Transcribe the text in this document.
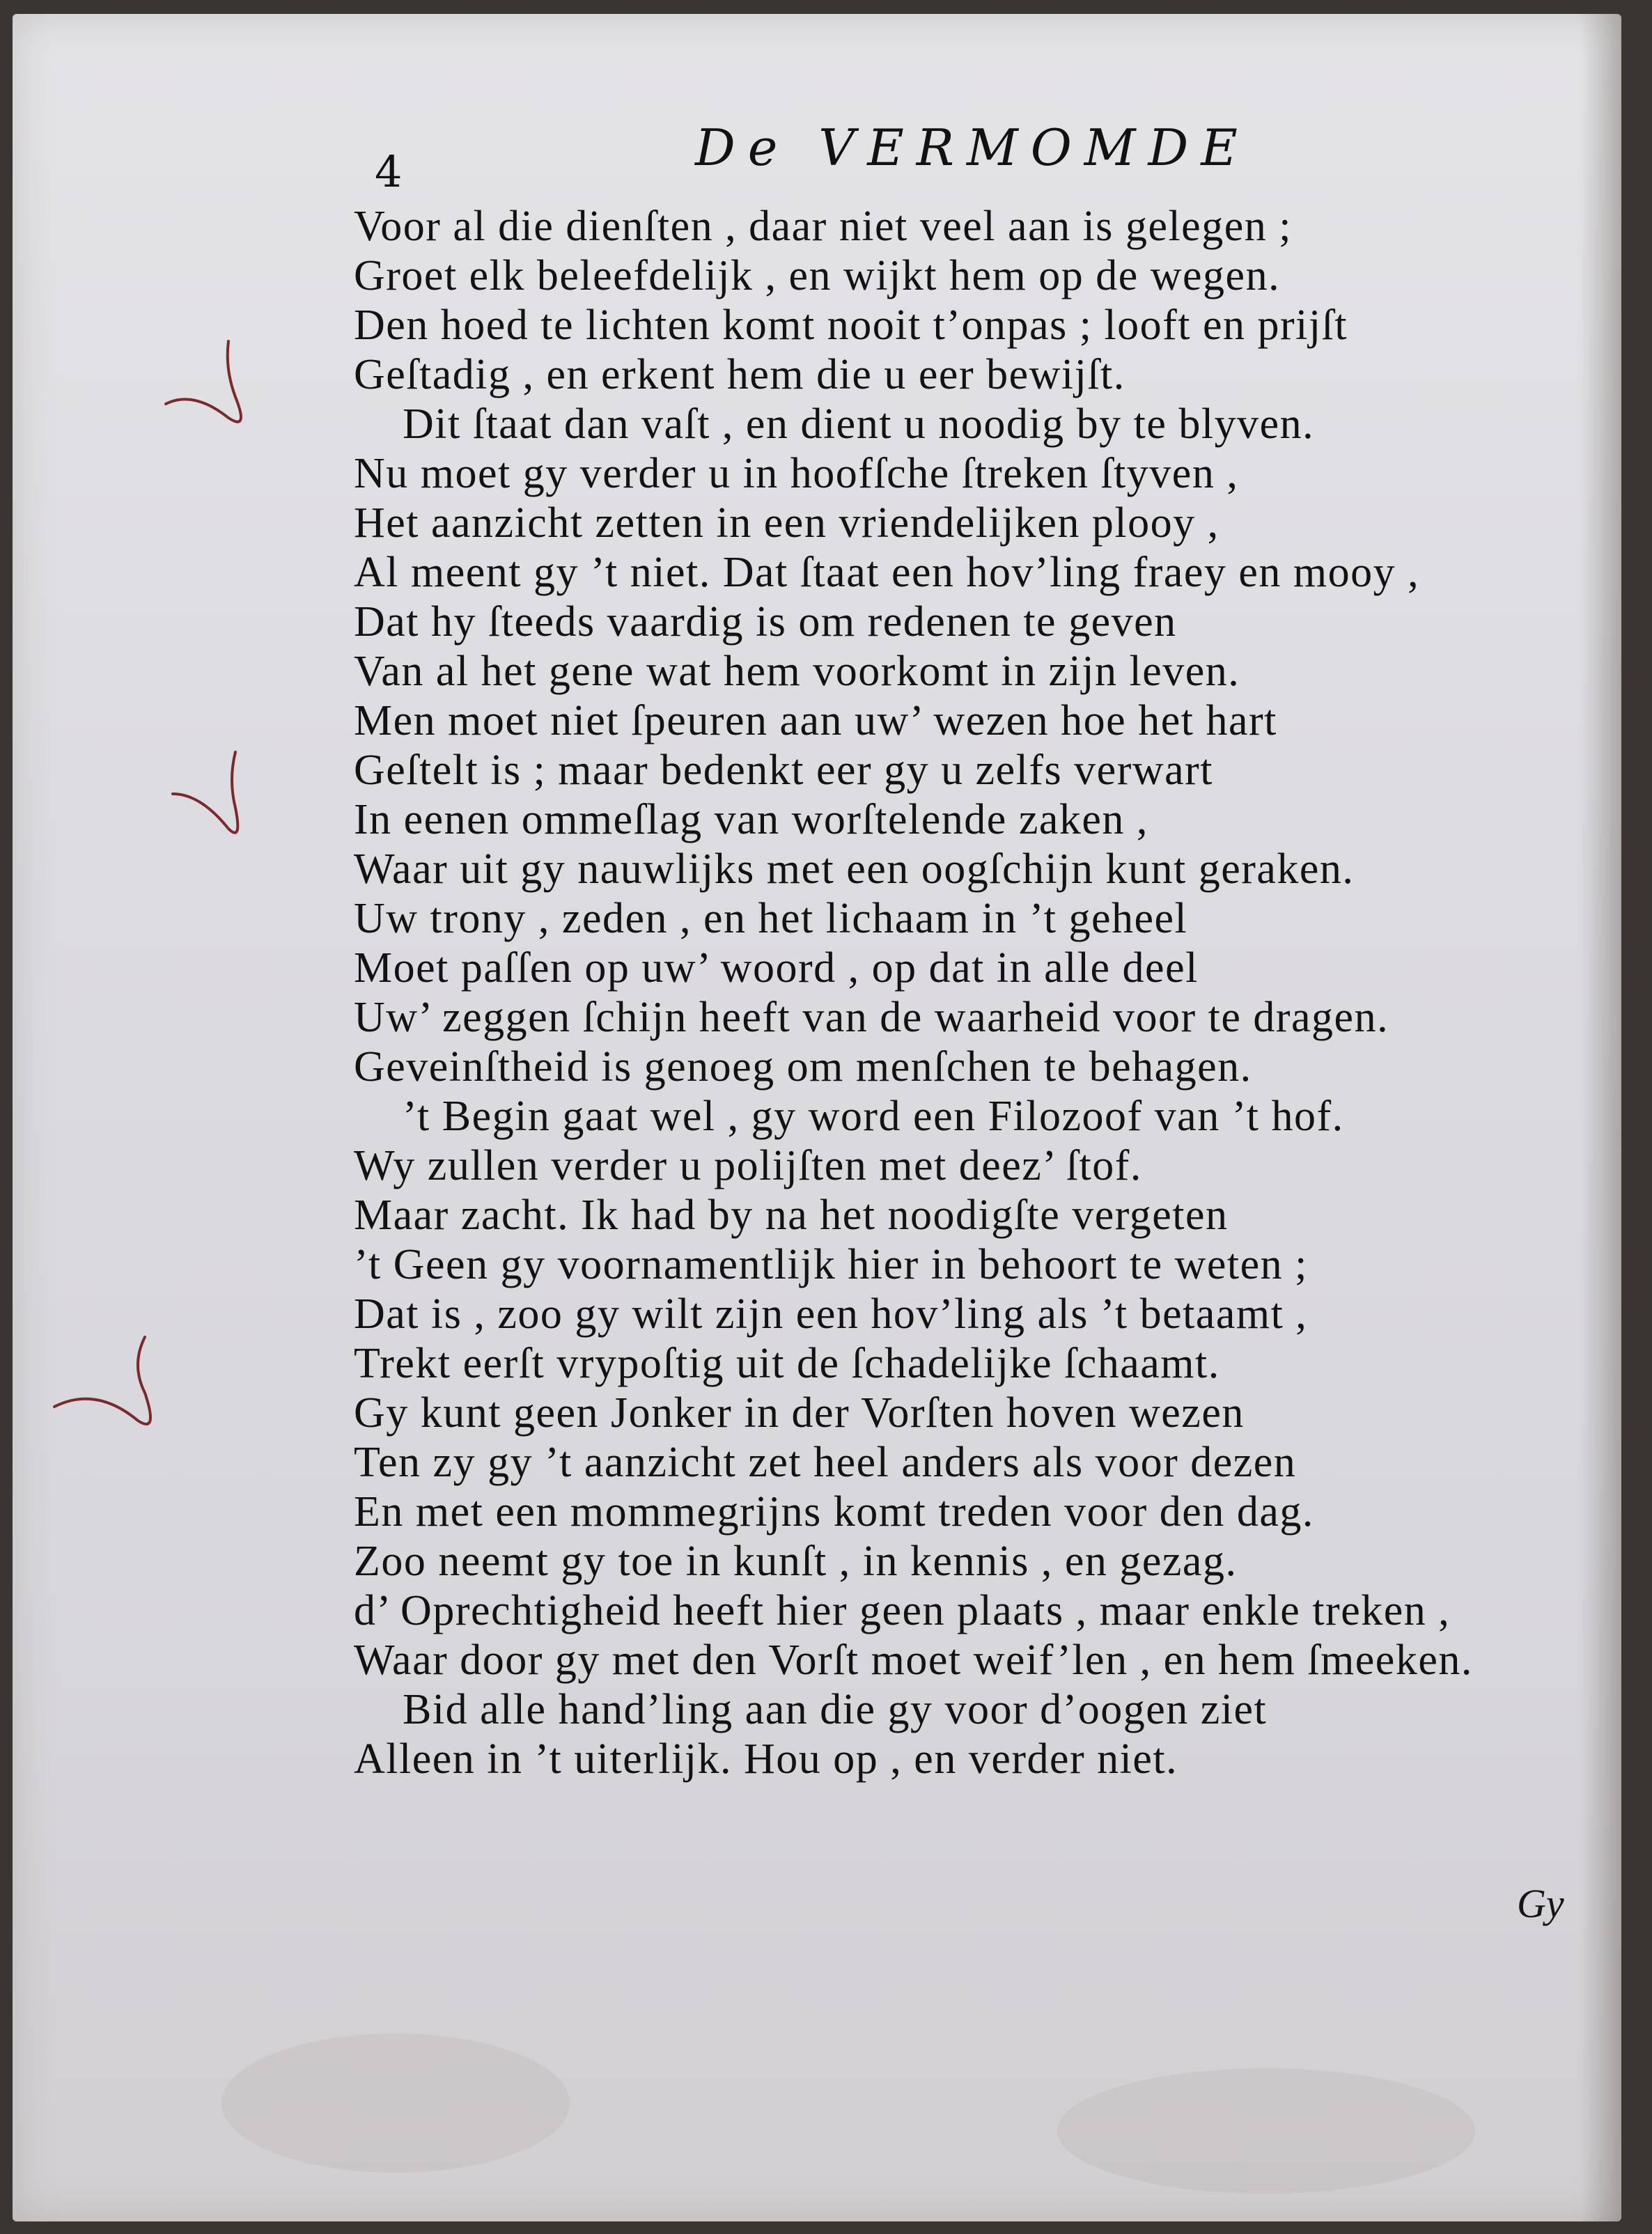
4	De VERMOMDE
Voor al die dienſten , daar niet veel aan is gelegen ;
Groet elk beleefdelijk , en wijkt hem op de wegen.
Den hoed te lichten komt nooit t’onpas ; looft en prijſt
Geſtadig , en erkent hem die u eer bewijſt.
Dit ſtaat dan vaſt , en dient u noodig by te blyven.
Nu moet gy verder u in hoofſche ſtreken ſtyven ,
Het aanzicht zetten in een vriendelijken plooy ,
Al meent gy ’t niet. Dat ſtaat een hov’ling fraey en mooy ,
Dat hy ſteeds vaardig is om redenen te geven
Van al het gene wat hem voorkomt in zijn leven.
Men moet niet ſpeuren aan uw’ wezen hoe het hart
Geſtelt is ; maar bedenkt eer gy u zelfs verwart
In eenen ommeſlag van worſtelende zaken ,
Waar uit gy nauwlijks met een oogſchijn kunt geraken.
Uw trony , zeden , en het lichaam in ’t geheel
Moet paſſen op uw’ woord , op dat in alle deel
Uw’ zeggen ſchijn heeft van de waarheid voor te dragen.
Geveinſtheid is genoeg om menſchen te behagen.
’t Begin gaat wel , gy word een Filozoof van ’t hof.
Wy zullen verder u polijſten met deez’ ſtof.
Maar zacht. Ik had by na het noodigſte vergeten
’t Geen gy voornamentlijk hier in behoort te weten ;
Dat is , zoo gy wilt zijn een hov’ling als ’t betaamt ,
Trekt eerſt vrypoſtig uit de ſchadelijke ſchaamt.
Gy kunt geen Jonker in der Vorſten hoven wezen
Ten zy gy ’t aanzicht zet heel anders als voor dezen
En met een mommegrijns komt treden voor den dag.
Zoo neemt gy toe in kunſt , in kennis , en gezag.
d’ Oprechtigheid heeft hier geen plaats , maar enkle treken ,
Waar door gy met den Vorſt moet weif’len , en hem ſmeeken.
Bid alle hand’ling aan die gy voor d’oogen ziet
Alleen in ’t uiterlijk. Hou op , en verder niet.
Gy
